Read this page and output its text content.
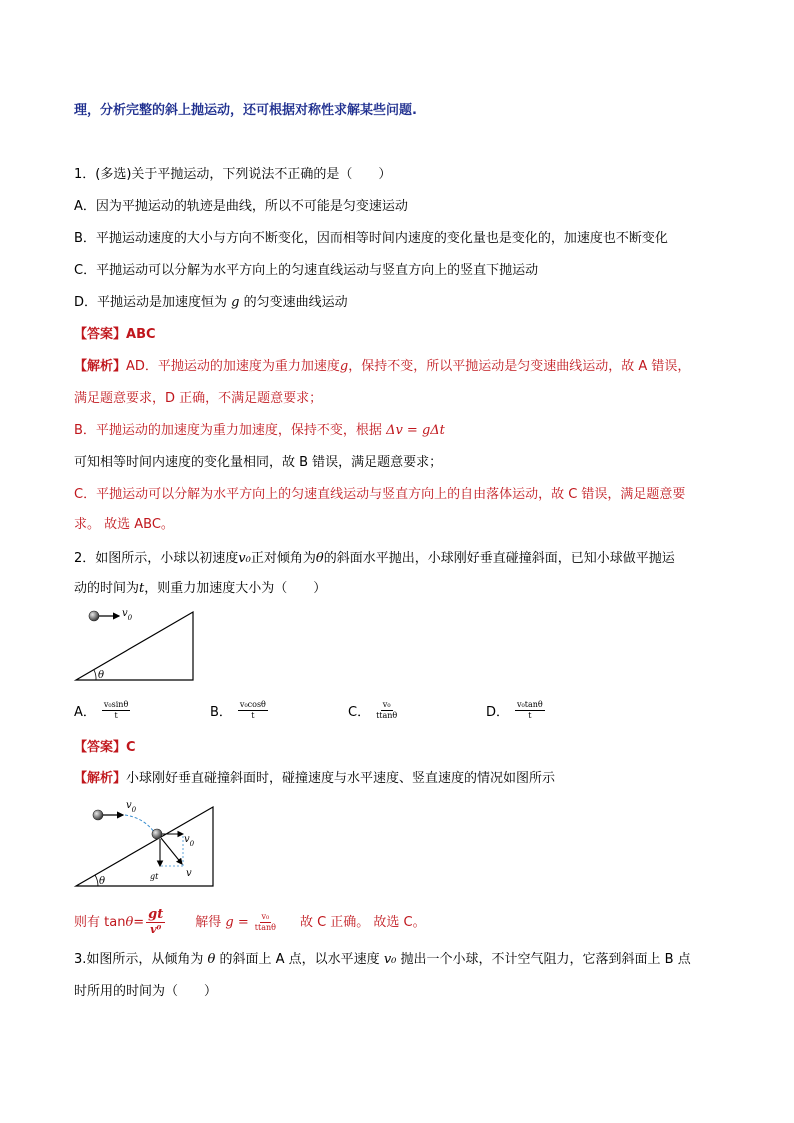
理，分析完整的斜上抛运动，还可根据对称性求解某些问题.
1．(多选)关于平抛运动，下列说法不正确的是（　　）
A．因为平抛运动的轨迹是曲线，所以不可能是匀变速运动
B．平抛运动速度的大小与方向不断变化，因而相等时间内速度的变化量也是变化的，加速度也不断变化
C．平抛运动可以分解为水平方向上的匀速直线运动与竖直方向上的竖直下抛运动
D．平抛运动是加速度恒为 g 的匀变速曲线运动
【答案】ABC
【解析】AD．平抛运动的加速度为重力加速度g，保持不变，所以平抛运动是匀变速曲线运动，故 A 错误，
满足题意要求，D 正确，不满足题意要求；
B．平抛运动的加速度为重力加速度，保持不变，根据 Δv = gΔt
可知相等时间内速度的变化量相同，故 B 错误，满足题意要求；
C．平抛运动可以分解为水平方向上的匀速直线运动与竖直方向上的自由落体运动，故 C 错误，满足题意要
求。 故选 ABC。
2．如图所示，小球以初速度v₀正对倾角为θ的斜面水平抛出，小球刚好垂直碰撞斜面，已知小球做平抛运
动的时间为t，则重力加速度大小为（　　）
$v_0$
θ
A． $\frac{\text{v₀sinθ}}{t}$	B． $\frac{\text{v₀cosθ}}{t}$	C． $\frac{\text{v₀}}{ttan\theta}$	D． $\frac{\text{v₀tanθ}}{t}$
【答案】C
【解析】小球刚好垂直碰撞斜面时，碰撞速度与水平速度、竖直速度的情况如图所示
$v_0$
$v_0$
gt	v
θ
则有 $\tan\theta= \frac{gt}{\text{v⁰}}$ 解得 $g = \frac{\text{v₀}}{ttan\theta}$ 故 C 正确。 故选 C。
3.如图所示，从倾角为 θ 的斜面上 A 点，以水平速度 v₀ 抛出一个小球，不计空气阻力，它落到斜面上 B 点
时所用的时间为（　　）
